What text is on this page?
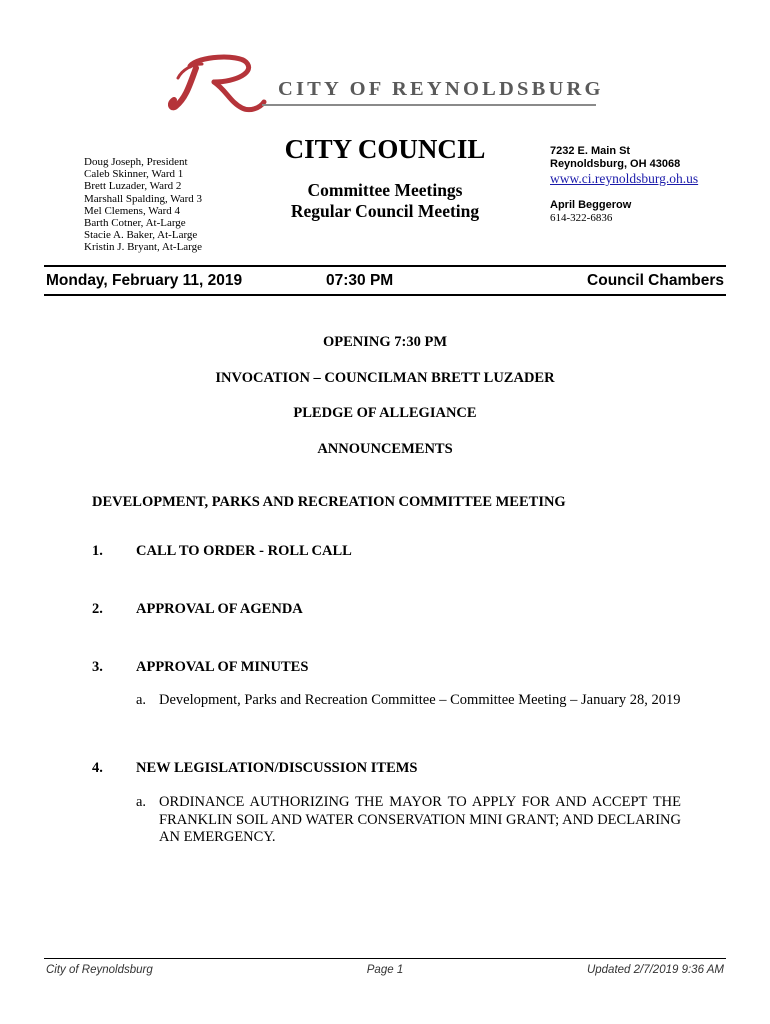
CITY OF REYNOLDSBURG
Doug Joseph, President
Caleb Skinner, Ward 1
Brett Luzader, Ward 2
Marshall Spalding, Ward 3
Mel Clemens, Ward 4
Barth Cotner, At-Large
Stacie A. Baker, At-Large
Kristin J. Bryant, At-Large
CITY COUNCIL
Committee Meetings
Regular Council Meeting
7232 E. Main St
Reynoldsburg, OH 43068
www.ci.reynoldsburg.oh.us
April Beggerow
614-322-6836
Monday, February 11, 2019	07:30 PM	Council Chambers
OPENING 7:30 PM
INVOCATION – COUNCILMAN BRETT LUZADER
PLEDGE OF ALLEGIANCE
ANNOUNCEMENTS
DEVELOPMENT, PARKS AND RECREATION COMMITTEE MEETING
1. CALL TO ORDER - ROLL CALL
2. APPROVAL OF AGENDA
3. APPROVAL OF MINUTES
a. Development, Parks and Recreation Committee – Committee Meeting – January 28, 2019
4. NEW LEGISLATION/DISCUSSION ITEMS
a. ORDINANCE AUTHORIZING THE MAYOR TO APPLY FOR AND ACCEPT THE FRANKLIN SOIL AND WATER CONSERVATION MINI GRANT; AND DECLARING AN EMERGENCY.
City of Reynoldsburg	Page 1	Updated 2/7/2019 9:36 AM
